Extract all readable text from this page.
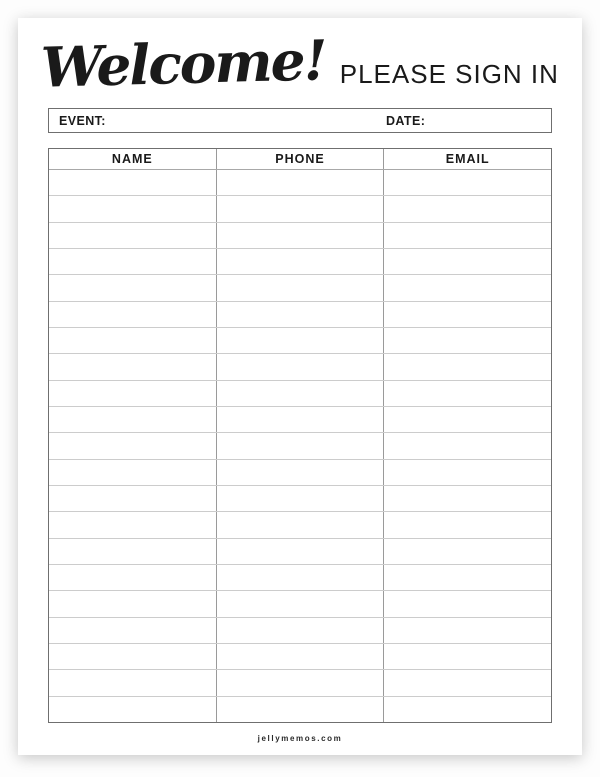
Welcome! PLEASE SIGN IN
EVENT:	DATE:
NAME	PHONE	EMAIL
jellymemos.com
